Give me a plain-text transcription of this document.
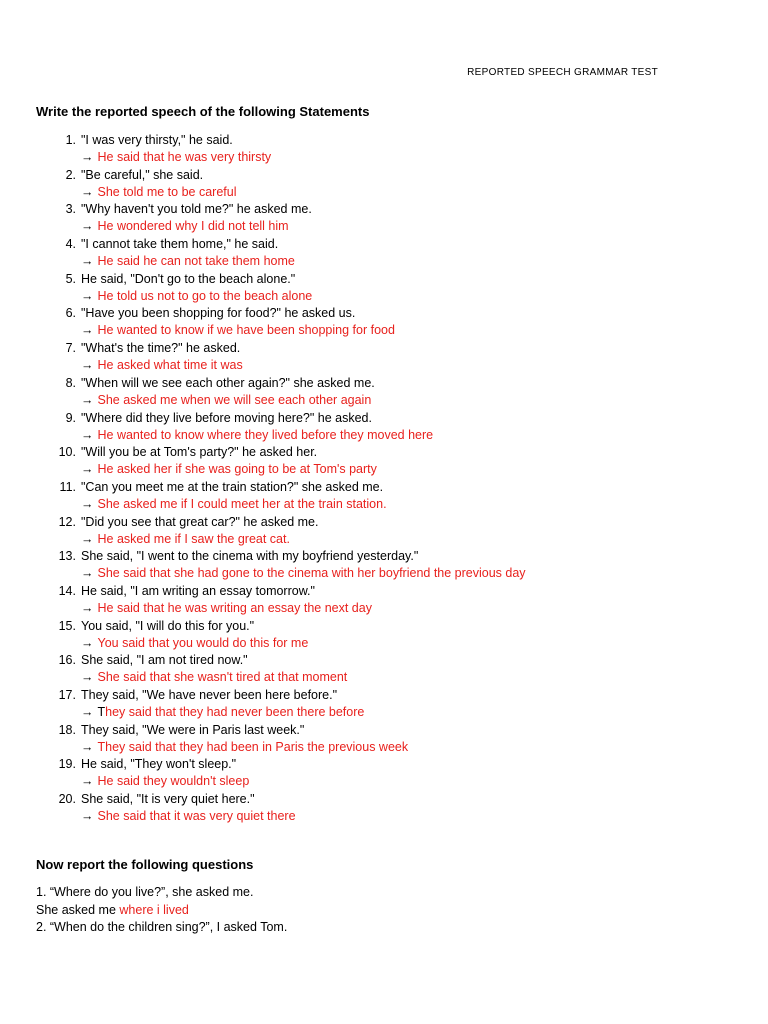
REPORTED SPEECH GRAMMAR TEST
Write the reported speech of the following Statements
1. "I was very thirsty," he said.
→ He said that he was very thirsty
2. "Be careful," she said.
→ She told me to be careful
3. "Why haven't you told me?" he asked me.
→ He wondered why I did not tell him
4. "I cannot take them home," he said.
→ He said he can not take them home
5. He said, "Don't go to the beach alone."
→ He told us not to go to the beach alone
6. "Have you been shopping for food?" he asked us.
→ He wanted to know if we have been shopping for food
7. "What's the time?" he asked.
→ He asked what time it was
8. "When will we see each other again?" she asked me.
→ She asked me when we will see each other again
9. "Where did they live before moving here?" he asked.
→ He wanted to know where they lived before they moved here
10. "Will you be at Tom's party?" he asked her.
→ He asked her if she was going to be at Tom's party
11. "Can you meet me at the train station?" she asked me.
→ She asked me if I could meet her at the train station.
12. "Did you see that great car?" he asked me.
→ He asked me if I saw the great cat.
13. She said, "I went to the cinema with my boyfriend yesterday."
→ She said that she had gone to the cinema with her boyfriend the previous day
14. He said, "I am writing an essay tomorrow."
→ He said that he was writing an essay the next day
15. You said, "I will do this for you."
→ You said that you would do this for me
16. She said, "I am not tired now."
→ She said that she wasn't tired at that moment
17. They said, "We have never been here before."
→ They said that they had never been there before
18. They said, "We were in Paris last week."
→ They said that they had been in Paris the previous week
19. He said, "They won't sleep."
→ He said they wouldn't sleep
20. She said, "It is very quiet here."
→ She said that it was very quiet there
Now report the following questions
1. “Where do you live?”, she asked me.
She asked me where i lived
2. “When do the children sing?”, I asked Tom.
